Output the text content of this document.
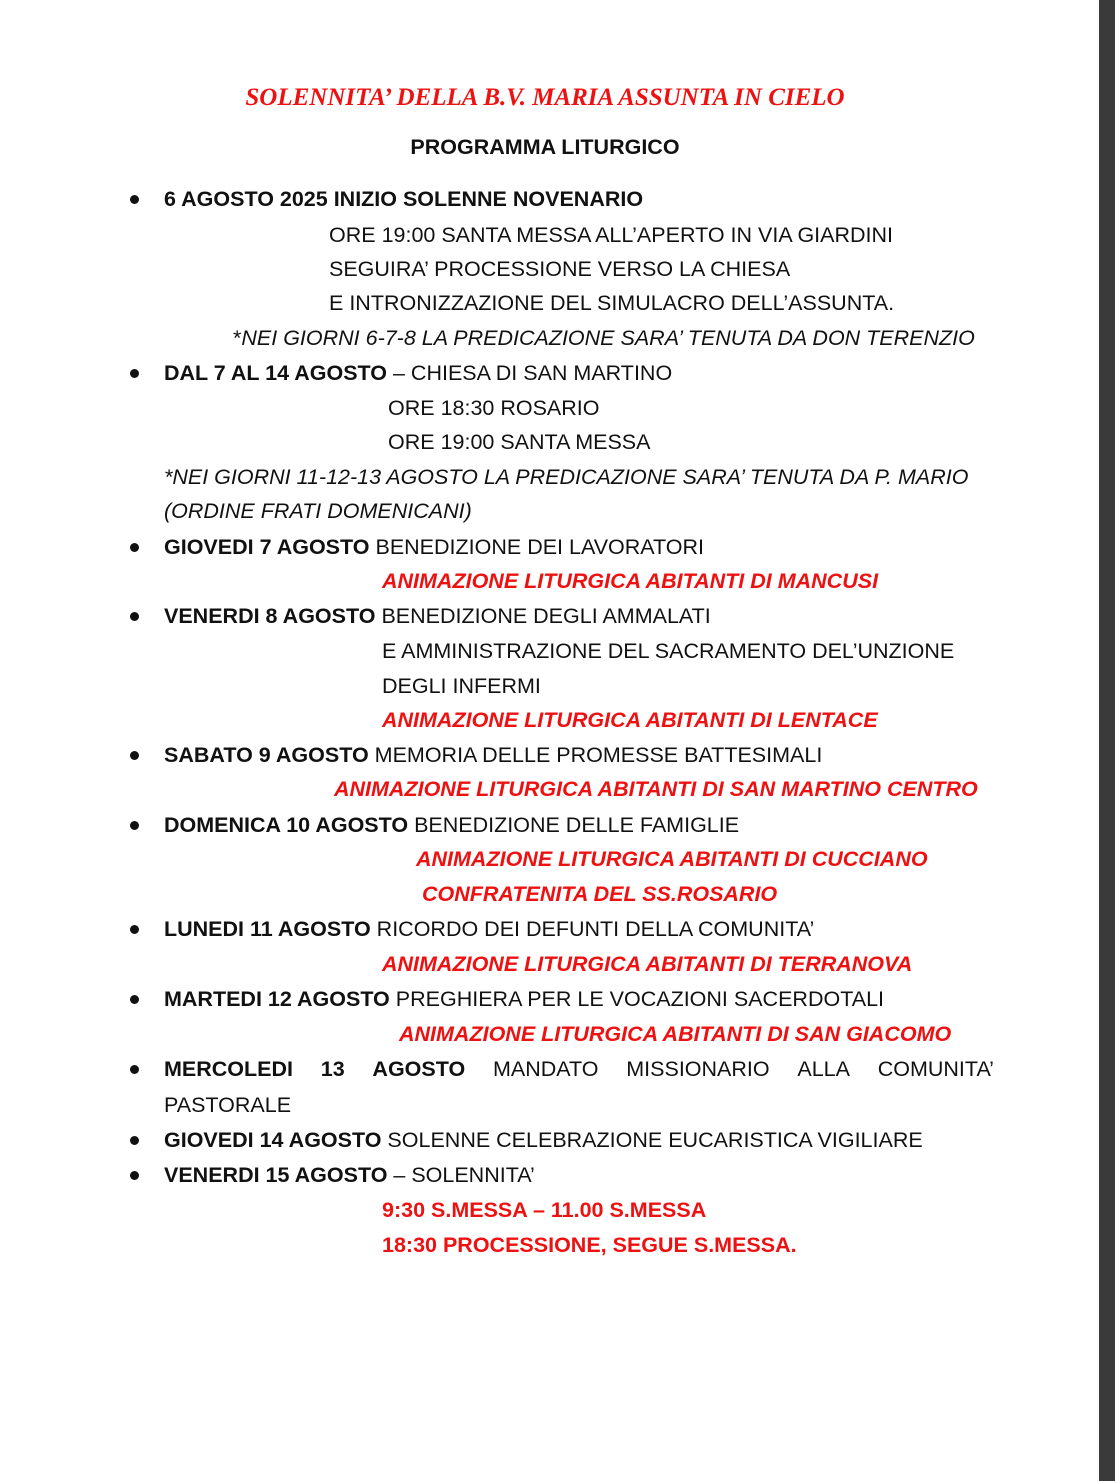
SOLENNITA’ DELLA B.V. MARIA ASSUNTA IN CIELO
PROGRAMMA LITURGICO
6 AGOSTO 2025 INIZIO SOLENNE NOVENARIO
ORE 19:00 SANTA MESSA ALL’APERTO IN VIA GIARDINI
SEGUIRA’ PROCESSIONE VERSO LA CHIESA
E INTRONIZZAZIONE DEL SIMULACRO DELL’ASSUNTA.
*NEI GIORNI 6-7-8 LA PREDICAZIONE SARA’ TENUTA DA DON TERENZIO
DAL 7 AL 14 AGOSTO – CHIESA DI SAN MARTINO
ORE 18:30 ROSARIO
ORE 19:00 SANTA MESSA
*NEI GIORNI 11-12-13 AGOSTO LA PREDICAZIONE SARA’ TENUTA DA P. MARIO
(ORDINE FRATI DOMENICANI)
GIOVEDI 7 AGOSTO BENEDIZIONE DEI LAVORATORI
ANIMAZIONE LITURGICA ABITANTI DI MANCUSI
VENERDI 8 AGOSTO BENEDIZIONE DEGLI AMMALATI
E AMMINISTRAZIONE DEL SACRAMENTO DEL’UNZIONE
DEGLI INFERMI
ANIMAZIONE LITURGICA ABITANTI DI LENTACE
SABATO 9 AGOSTO MEMORIA DELLE PROMESSE BATTESIMALI
ANIMAZIONE LITURGICA ABITANTI DI SAN MARTINO CENTRO
DOMENICA 10 AGOSTO BENEDIZIONE DELLE FAMIGLIE
ANIMAZIONE LITURGICA ABITANTI DI CUCCIANO
CONFRATENITA DEL SS.ROSARIO
LUNEDI 11 AGOSTO RICORDO DEI DEFUNTI DELLA COMUNITA’
ANIMAZIONE LITURGICA ABITANTI DI TERRANOVA
MARTEDI 12 AGOSTO PREGHIERA PER LE VOCAZIONI SACERDOTALI
ANIMAZIONE LITURGICA ABITANTI DI SAN GIACOMO
MERCOLEDI 13 AGOSTO MANDATO MISSIONARIO ALLA COMUNITA’
PASTORALE
GIOVEDI 14 AGOSTO SOLENNE CELEBRAZIONE EUCARISTICA VIGILIARE
VENERDI 15 AGOSTO – SOLENNITA’
9:30 S.MESSA – 11.00 S.MESSA
18:30 PROCESSIONE, SEGUE S.MESSA.
